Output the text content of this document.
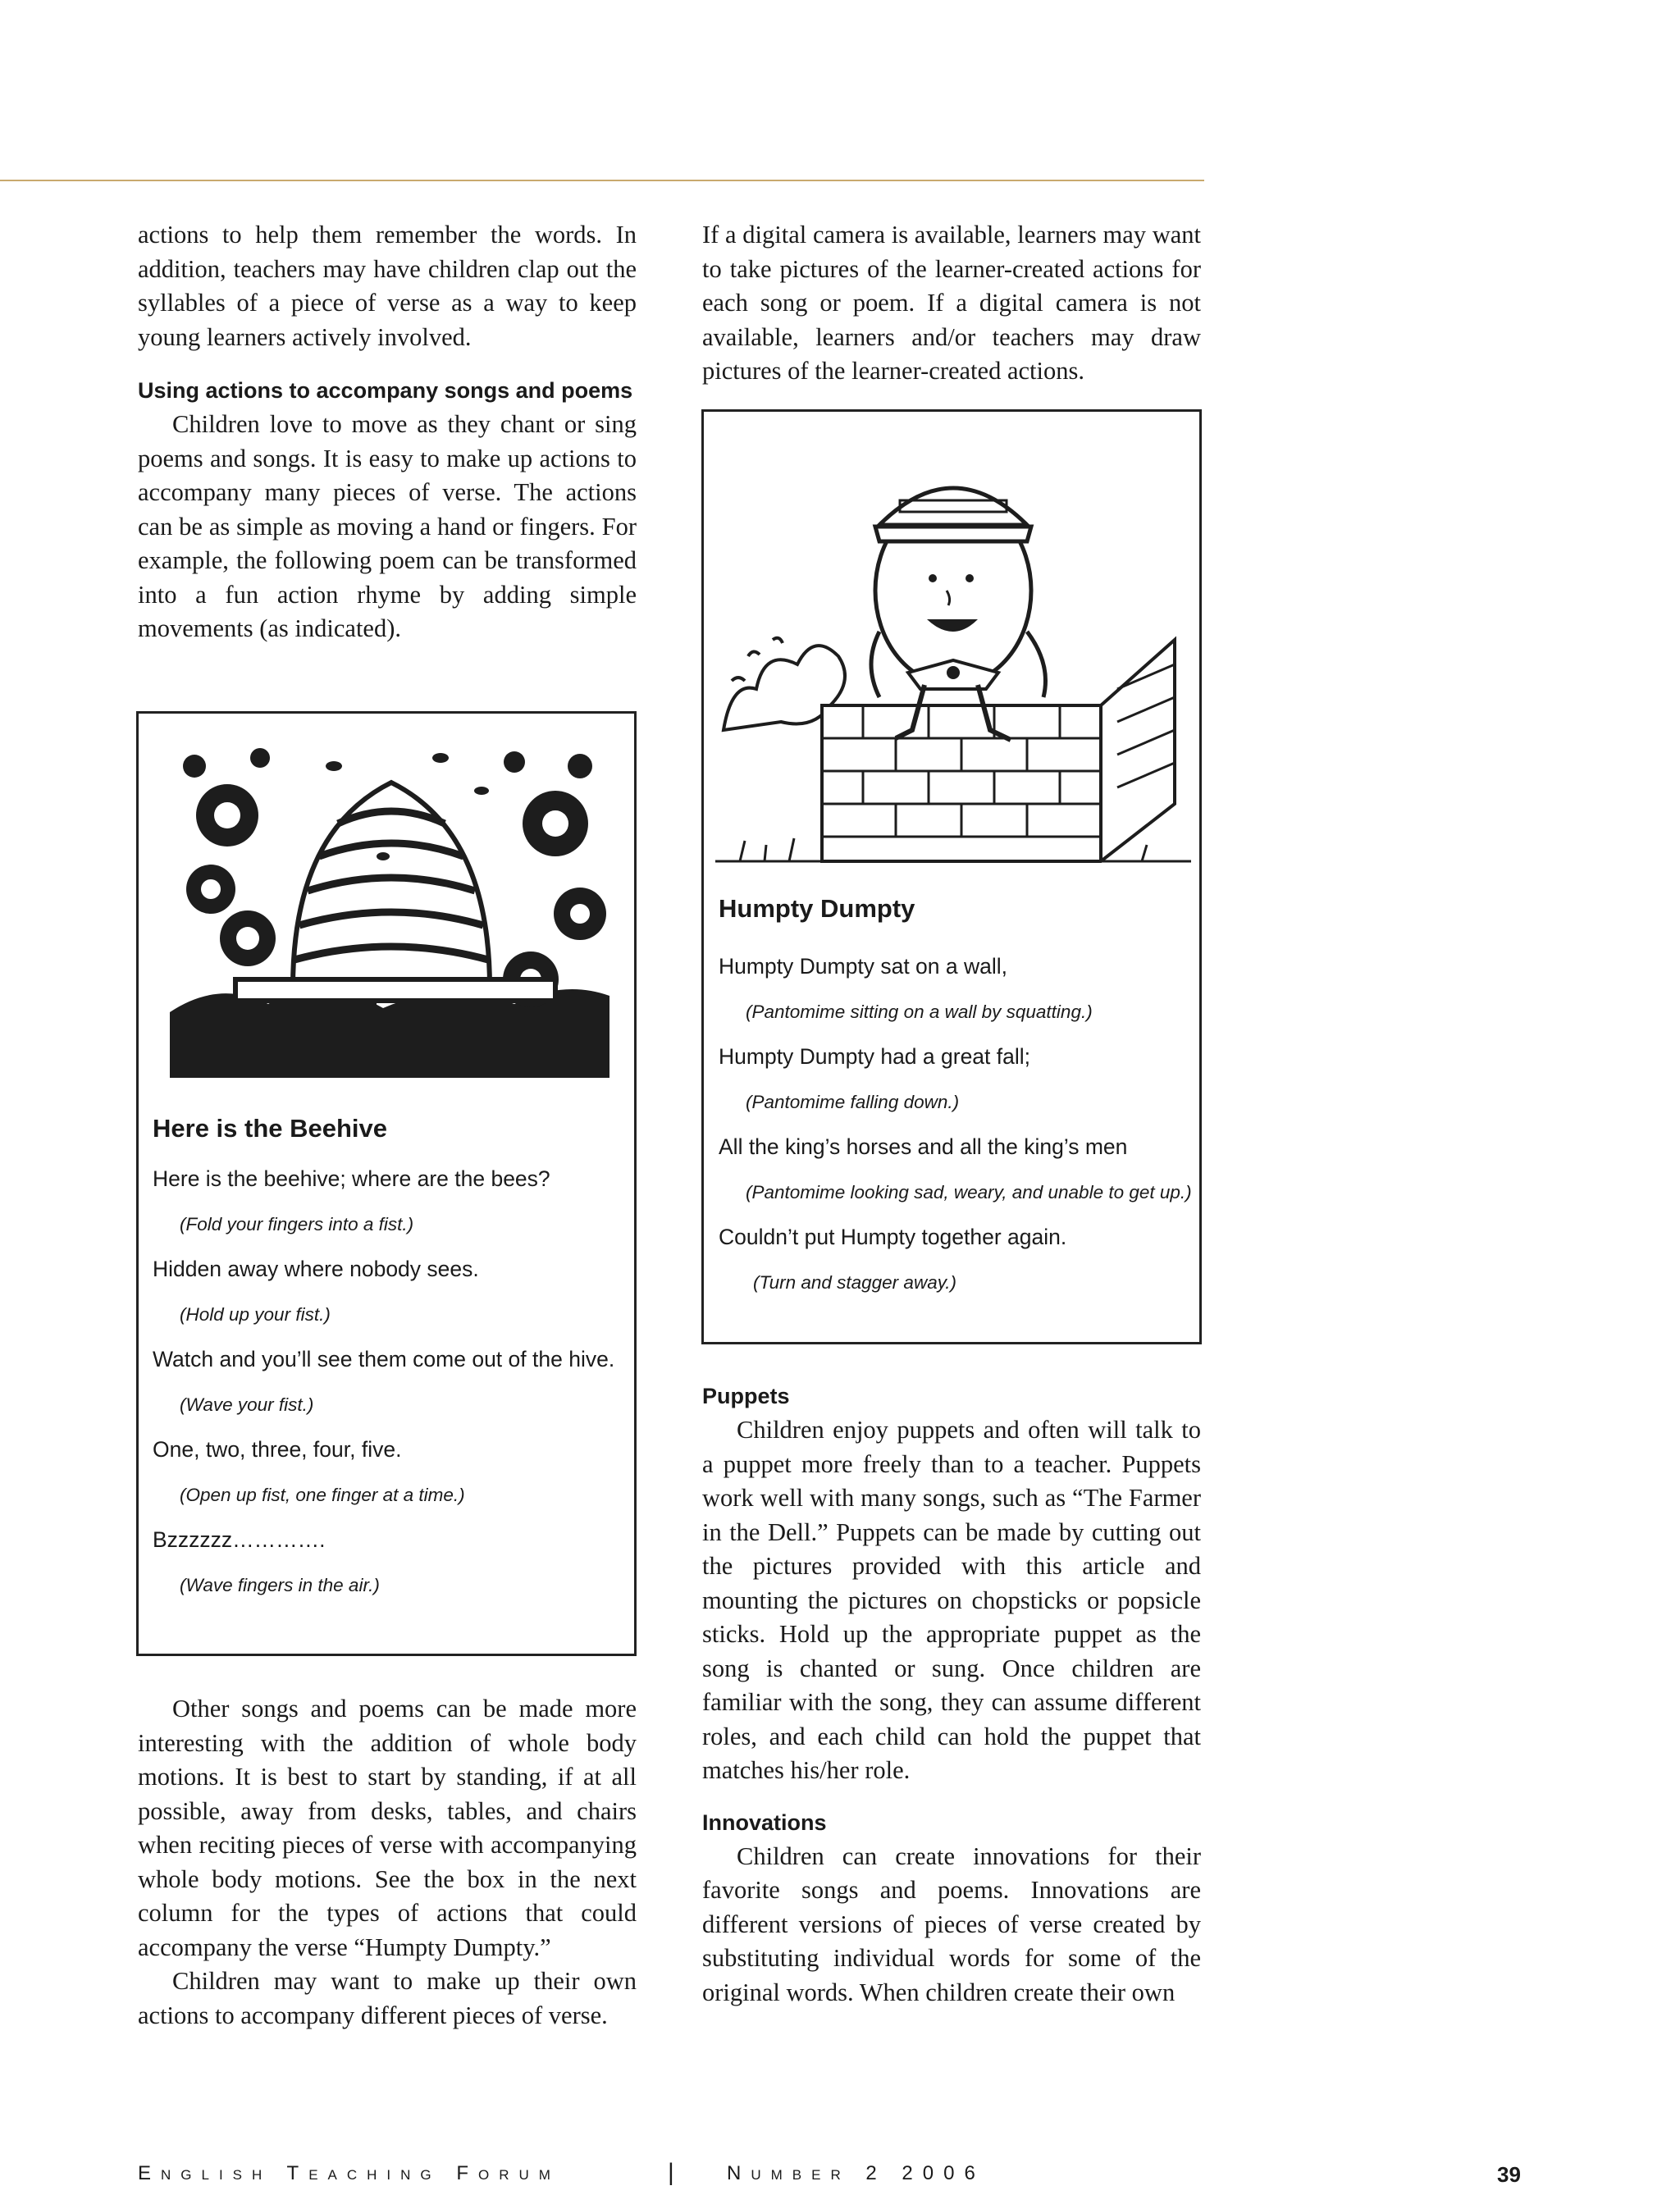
actions to help them remember the words. In addition, teachers may have children clap out the syllables of a piece of verse as a way to keep young learners actively involved.

Using actions to accompany songs and poems

Children love to move as they chant or sing poems and songs. It is easy to make up actions to accompany many pieces of verse. The actions can be as simple as moving a hand or fingers. For example, the following poem can be transformed into a fun action rhyme by adding simple movements (as indicated).

Other songs and poems can be made more interesting with the addition of whole body motions. It is best to start by standing, if at all possible, away from desks, tables, and chairs when reciting pieces of verse with accompanying whole body motions. See the box in the next column for the types of actions that could accompany the verse “Humpty Dumpty.”

Children may want to make up their own actions to accompany different pieces of verse.

Here is the Beehive
Here is the beehive; where are the bees?
(Fold your fingers into a fist.)
Hidden away where nobody sees.
(Hold up your fist.)
Watch and you’ll see them come out of the hive.
(Wave your fist.)
One, two, three, four, five.
(Open up fist, one finger at a time.)
Bzzzzzz………….
(Wave fingers in the air.)

If a digital camera is available, learners may want to take pictures of the learner-created actions for each song or poem. If a digital camera is not available, learners and/or teachers may draw pictures of the learner-created actions.

Humpty Dumpty
Humpty Dumpty sat on a wall,
(Pantomime sitting on a wall by squatting.)
Humpty Dumpty had a great fall;
(Pantomime falling down.)
All the king’s horses and all the king’s men
(Pantomime looking sad, weary, and unable to get up.)
Couldn’t put Humpty together again.
(Turn and stagger away.)

Puppets

Children enjoy puppets and often will talk to a puppet more freely than to a teacher. Puppets work well with many songs, such as “The Farmer in the Dell.” Puppets can be made by cutting out the pictures provided with this article and mounting the pictures on chopsticks or popsicle sticks. Hold up the appropriate puppet as the song is chanted or sung. Once children are familiar with the song, they can assume different roles, and each child can hold the puppet that matches his/her role.

Innovations

Children can create innovations for their favorite songs and poems. Innovations are different versions of pieces of verse created by substituting individual words for some of the original words. When children create their own

English Teaching Forum	|	Number 2 2006	39
